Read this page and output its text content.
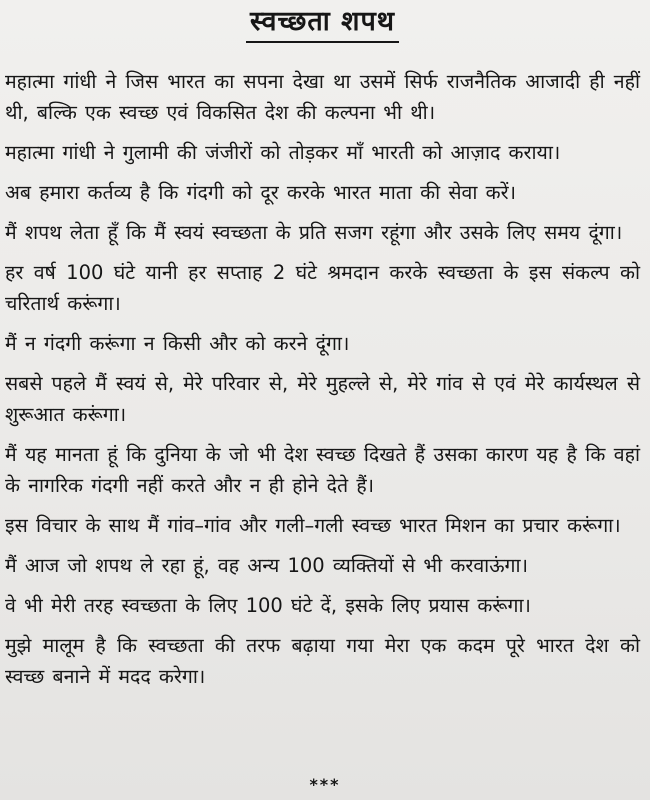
स्वच्छता शपथ

महात्मा गांधी ने जिस भारत का सपना देखा था उसमें सिर्फ राजनैतिक आजादी ही नहीं थी, बल्कि एक स्वच्छ एवं विकसित देश की कल्पना भी थी।

महात्मा गांधी ने गुलामी की जंजीरों को तोड़कर माँ भारती को आज़ाद कराया।

अब हमारा कर्तव्य है कि गंदगी को दूर करके भारत माता की सेवा करें।

मैं शपथ लेता हूँ कि मैं स्वयं स्वच्छता के प्रति सजग रहूंगा और उसके लिए समय दूंगा।

हर वर्ष 100 घंटे यानी हर सप्ताह 2 घंटे श्रमदान करके स्वच्छता के इस संकल्प को चरितार्थ करूंगा।

मैं न गंदगी करूंगा न किसी और को करने दूंगा।

सबसे पहले मैं स्वयं से, मेरे परिवार से, मेरे मुहल्ले से, मेरे गांव से एवं मेरे कार्यस्थल से शुरूआत करूंगा।

मैं यह मानता हूं कि दुनिया के जो भी देश स्वच्छ दिखते हैं उसका कारण यह है कि वहां के नागरिक गंदगी नहीं करते और न ही होने देते हैं।

इस विचार के साथ मैं गांव–गांव और गली–गली स्वच्छ भारत मिशन का प्रचार करूंगा।

मैं आज जो शपथ ले रहा हूं, वह अन्य 100 व्यक्तियों से भी करवाऊंगा।

वे भी मेरी तरह स्वच्छता के लिए 100 घंटे दें, इसके लिए प्रयास करूंगा।

मुझे मालूम है कि स्वच्छता की तरफ बढ़ाया गया मेरा एक कदम पूरे भारत देश को स्वच्छ बनाने में मदद करेगा।

***
